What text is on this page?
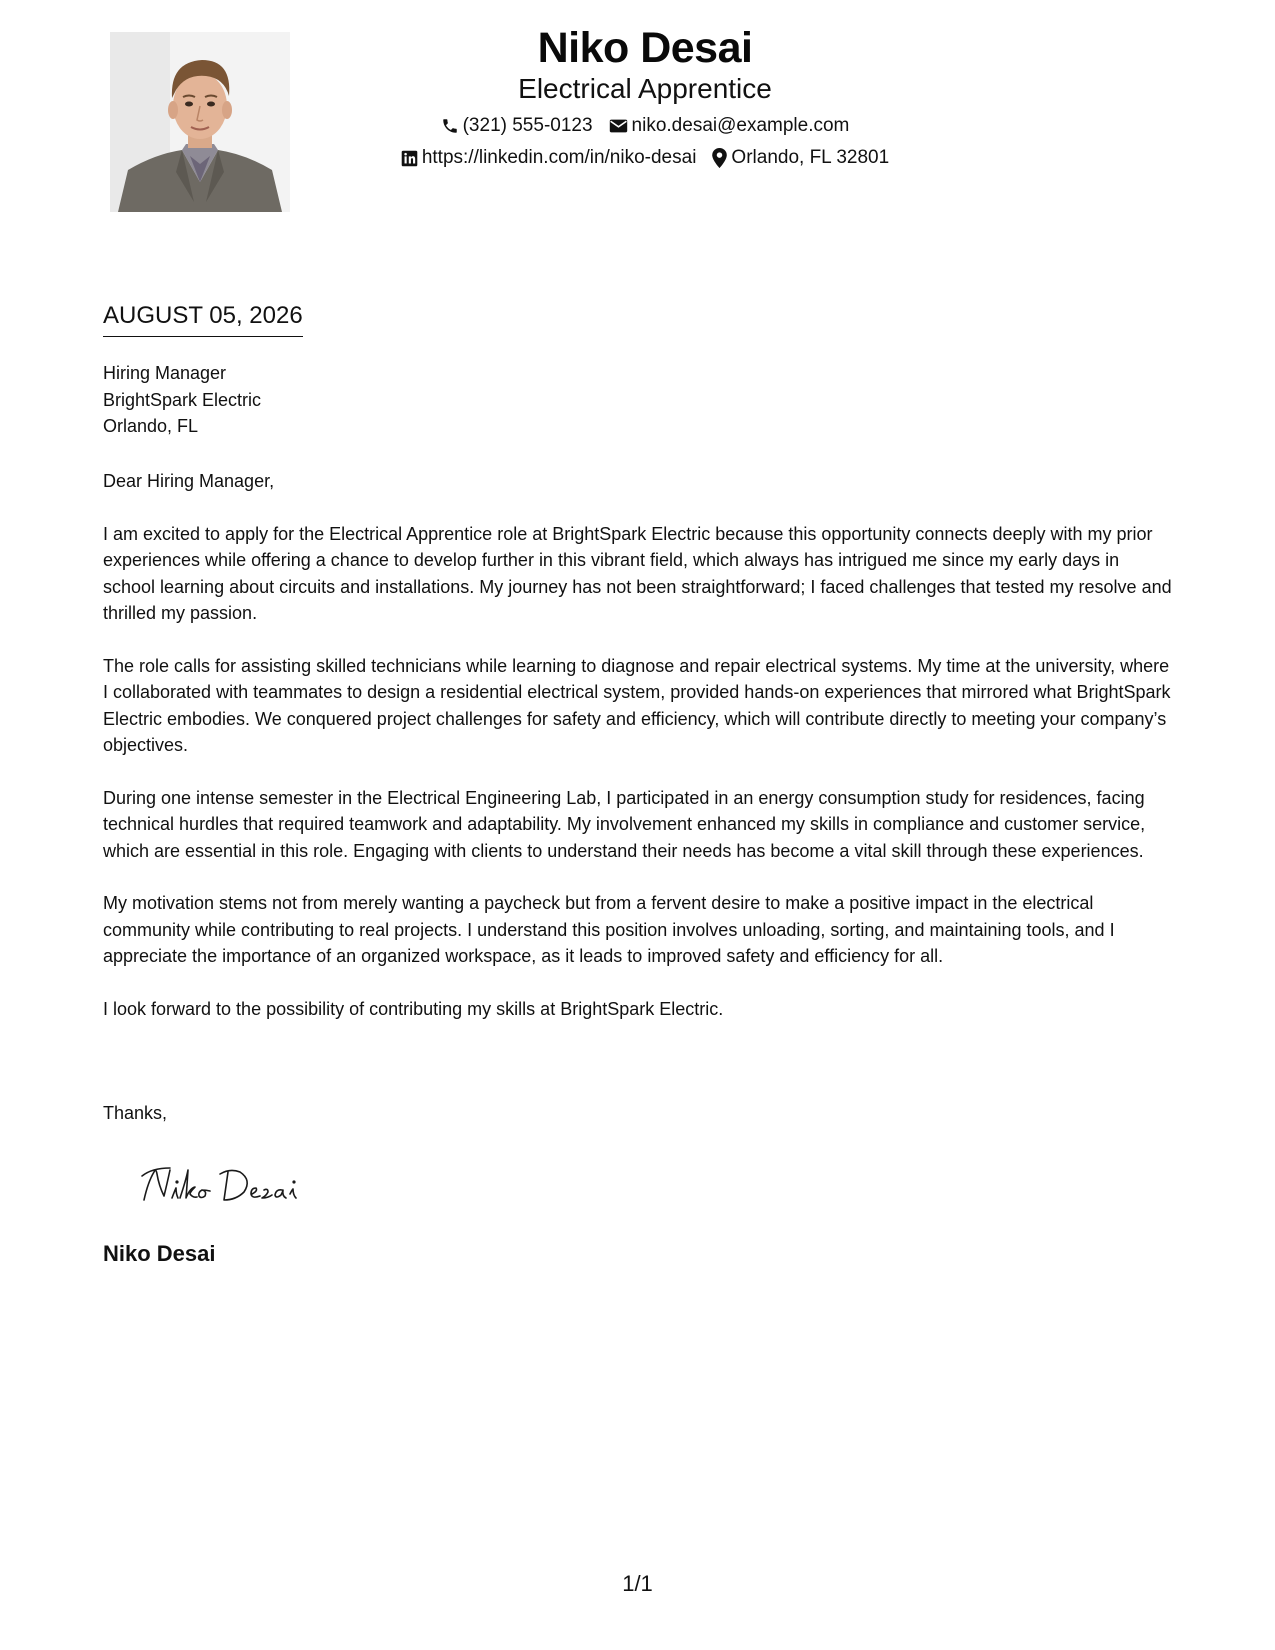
Niko Desai
Electrical Apprentice
(321) 555-0123 niko.desai@example.com
https://linkedin.com/in/niko-desai Orlando, FL 32801
AUGUST 05, 2026
Hiring Manager
BrightSpark Electric
Orlando, FL

Dear Hiring Manager,

I am excited to apply for the Electrical Apprentice role at BrightSpark Electric because this opportunity connects deeply with my prior experiences while offering a chance to develop further in this vibrant field, which always has intrigued me since my early days in school learning about circuits and installations. My journey has not been straightforward; I faced challenges that tested my resolve and thrilled my passion.

The role calls for assisting skilled technicians while learning to diagnose and repair electrical systems. My time at the university, where I collaborated with teammates to design a residential electrical system, provided hands-on experiences that mirrored what BrightSpark Electric embodies. We conquered project challenges for safety and efficiency, which will contribute directly to meeting your company’s objectives.

During one intense semester in the Electrical Engineering Lab, I participated in an energy consumption study for residences, facing technical hurdles that required teamwork and adaptability. My involvement enhanced my skills in compliance and customer service, which are essential in this role. Engaging with clients to understand their needs has become a vital skill through these experiences.

My motivation stems not from merely wanting a paycheck but from a fervent desire to make a positive impact in the electrical community while contributing to real projects. I understand this position involves unloading, sorting, and maintaining tools, and I appreciate the importance of an organized workspace, as it leads to improved safety and efficiency for all.

I look forward to the possibility of contributing my skills at BrightSpark Electric.

Thanks,
Niko Desai
1/1
